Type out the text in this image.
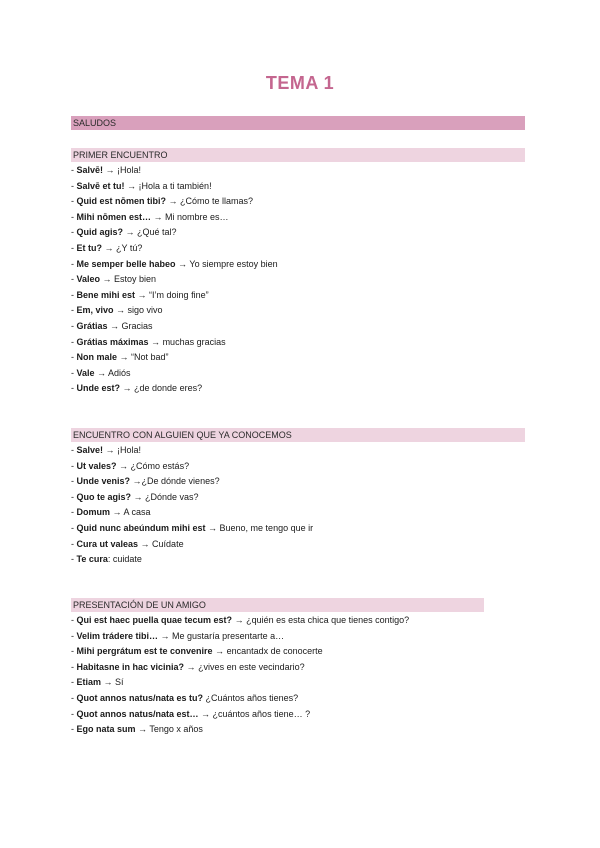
TEMA 1
SALUDOS
PRIMER ENCUENTRO
- Salvē! → ¡Hola!
- Salvē et tu! → ¡Hola a ti también!
- Quid est nōmen tibi? → ¿Cómo te llamas?
- Mihi nōmen est… → Mi nombre es…
- Quid agis? → ¿Qué tal?
- Et tu? → ¿Y tú?
- Me semper belle habeo → Yo siempre estoy bien
- Valeo → Estoy bien
- Bene mihi est → “I’m doing fine”
- Em, vivo → sigo vivo
- Grátias → Gracias
- Grátias máximas → muchas gracias
- Non male → “Not bad”
- Vale → Adiós
- Unde est? → ¿de donde eres?
ENCUENTRO CON ALGUIEN QUE YA CONOCEMOS
- Salve! → ¡Hola!
- Ut vales? → ¿Cómo estás?
- Unde venis? →¿De dónde vienes?
- Quo te agis? → ¿Dónde vas?
- Domum → A casa
- Quid nunc abeúndum mihi est → Bueno, me tengo que ir
- Cura ut valeas → Cuídate
- Te cura: cuidate
PRESENTACIÓN DE UN AMIGO
- Qui est haec puella quae tecum est? → ¿quién es esta chica que tienes contigo?
- Velim trádere tibi… → Me gustaría presentarte a…
- Mihi pergrátum est te convenire → encantadx de conocerte
- Habitasne in hac vicinia? → ¿vives en este vecindario?
- Etiam → Sí
- Quot annos natus/nata es tu? ¿Cuántos años tienes?
- Quot annos natus/nata est… → ¿cuántos años tiene… ?
- Ego nata sum → Tengo x años
